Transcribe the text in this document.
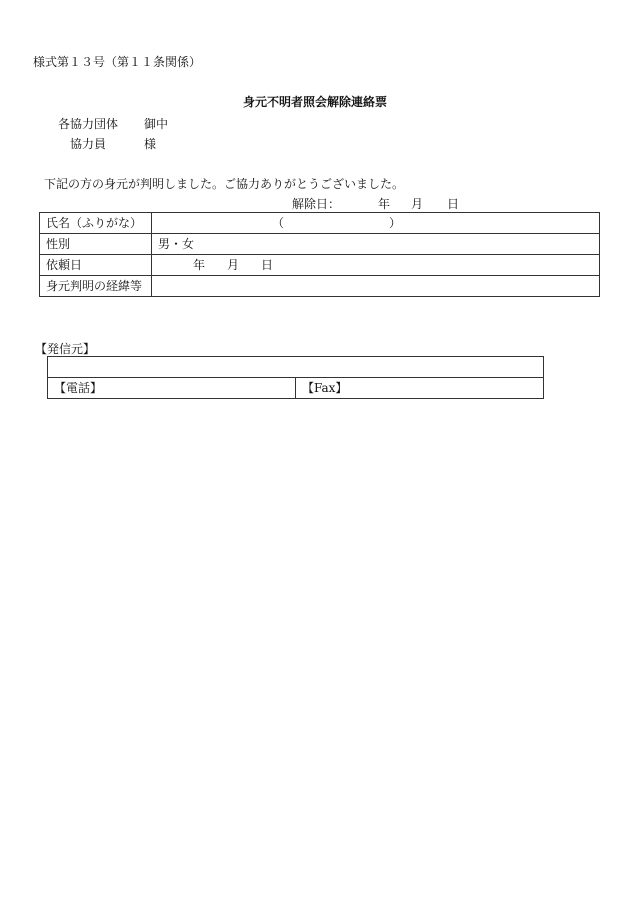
様式第１３号（第１１条関係）
身元不明者照会解除連絡票
各協力団体 御中
協力員	様
下記の方の身元が判明しました。ご協力ありがとうございました。
解除日：	年 月 日
氏名（ふりがな）	（ ）
性別	男・女
依頼日	年 月 日
身元判明の経緯等	
【発信元】

【電話】	【Fax】
